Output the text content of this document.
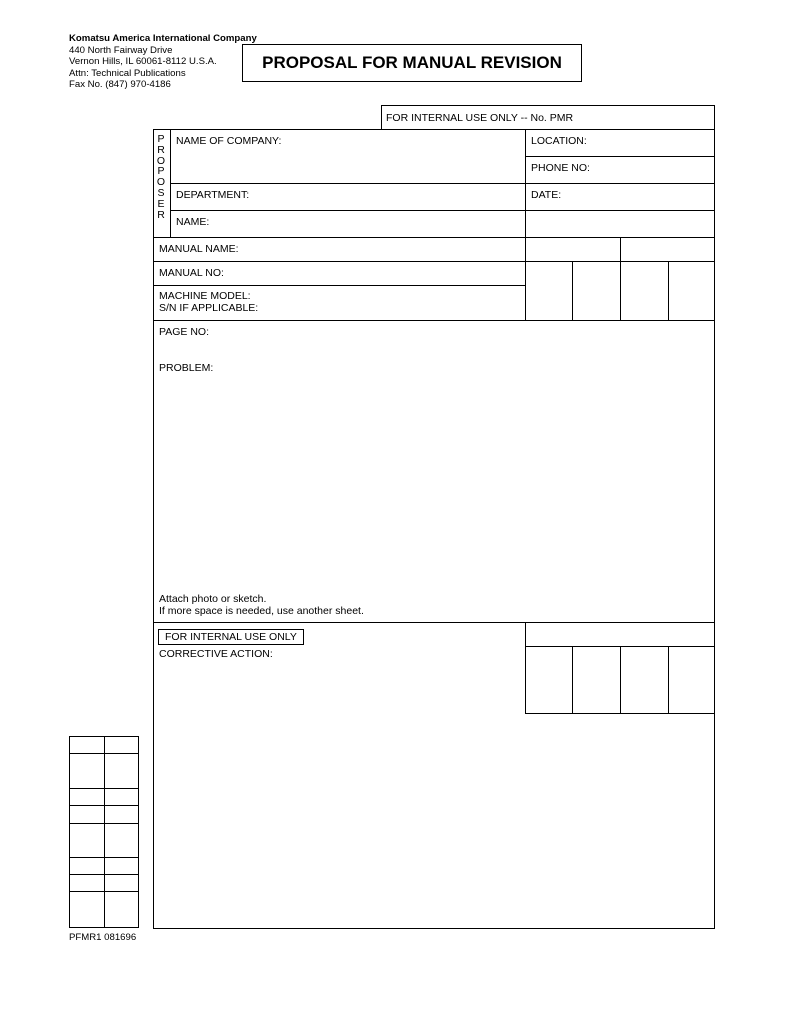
Komatsu America International Company
440 North Fairway Drive
Vernon Hills, IL 60061-8112 U.S.A.
Attn: Technical Publications
Fax No. (847) 970-4186
PROPOSAL FOR MANUAL REVISION
FOR INTERNAL USE ONLY -- No. PMR
P
R
O
P
O
S
E
R
NAME OF COMPANY:	LOCATION:
PHONE NO:
DEPARTMENT:	DATE:
NAME:
MANUAL NAME:
MANUAL NO:
MACHINE MODEL:
S/N IF APPLICABLE:
PAGE NO:
PROBLEM:
Attach photo or sketch.
If more space is needed, use another sheet.
FOR INTERNAL USE ONLY
CORRECTIVE ACTION:
PFMR1 081696
